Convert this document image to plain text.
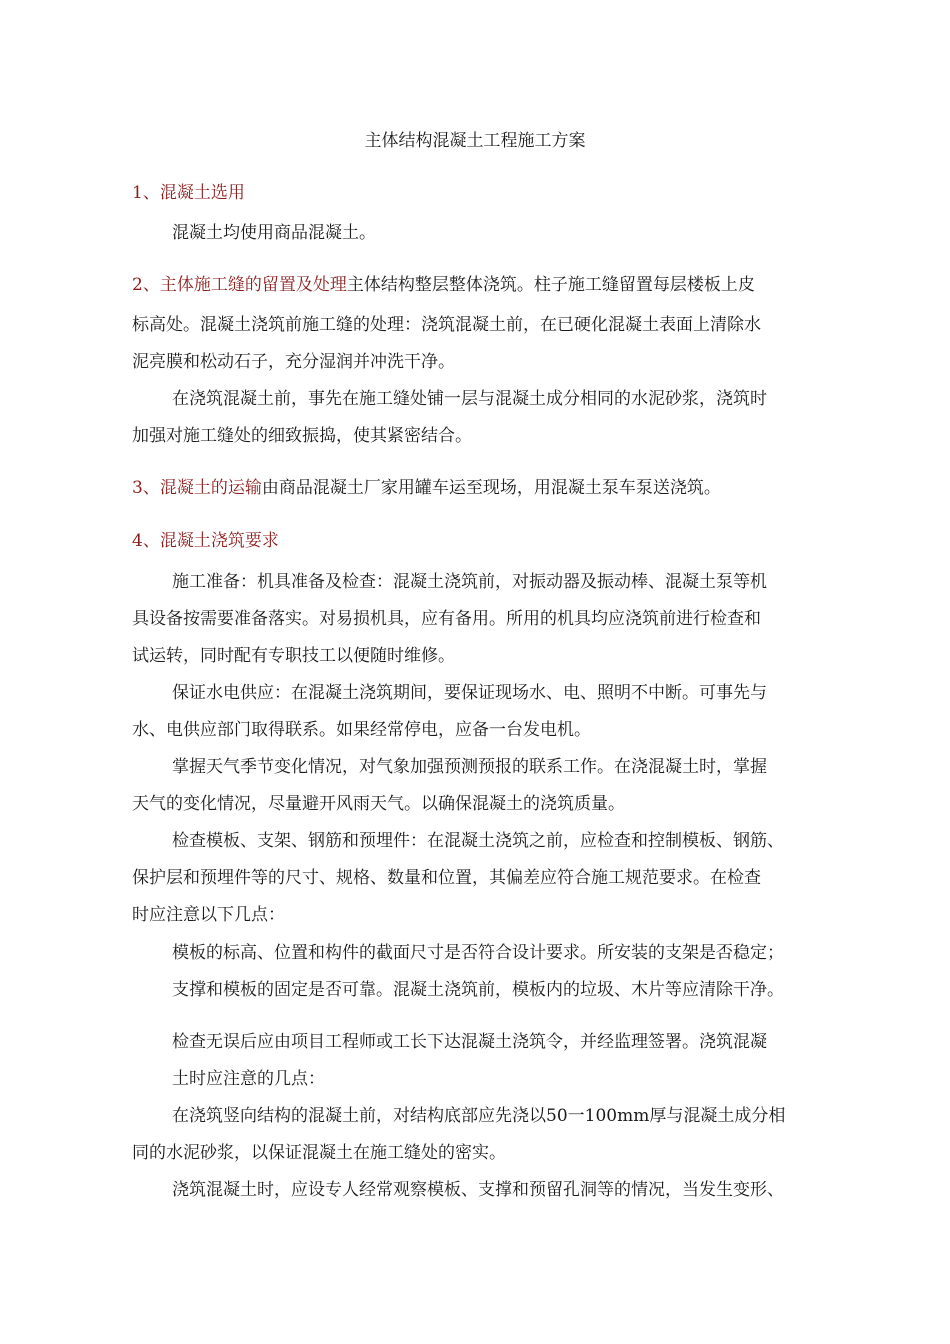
主体结构混凝土工程施工方案
1、混凝土选用
混凝土均使用商品混凝土。
2、主体施工缝的留置及处理主体结构整层整体浇筑。柱子施工缝留置每层楼板上皮
标高处。混凝土浇筑前施工缝的处理：浇筑混凝土前，在已硬化混凝土表面上清除水
泥亮膜和松动石子，充分湿润并冲洗干净。
在浇筑混凝土前，事先在施工缝处铺一层与混凝土成分相同的水泥砂浆，浇筑时
加强对施工缝处的细致振捣，使其紧密结合。
3、混凝土的运输由商品混凝土厂家用罐车运至现场，用混凝土泵车泵送浇筑。
4、混凝土浇筑要求
施工准备：机具准备及检查：混凝土浇筑前，对振动器及振动棒、混凝土泵等机
具设备按需要准备落实。对易损机具，应有备用。所用的机具均应浇筑前进行检查和
试运转，同时配有专职技工以便随时维修。
保证水电供应：在混凝土浇筑期间，要保证现场水、电、照明不中断。可事先与
水、电供应部门取得联系。如果经常停电，应备一台发电机。
掌握天气季节变化情况，对气象加强预测预报的联系工作。在浇混凝土时，掌握
天气的变化情况，尽量避开风雨天气。以确保混凝土的浇筑质量。
检查模板、支架、钢筋和预埋件：在混凝土浇筑之前，应检查和控制模板、钢筋、
保护层和预埋件等的尺寸、规格、数量和位置，其偏差应符合施工规范要求。在检查
时应注意以下几点：
模板的标高、位置和构件的截面尺寸是否符合设计要求。所安装的支架是否稳定；
支撑和模板的固定是否可靠。混凝土浇筑前，模板内的垃圾、木片等应清除干净。
检查无误后应由项目工程师或工长下达混凝土浇筑令，并经监理签署。浇筑混凝
土时应注意的几点：
在浇筑竖向结构的混凝土前，对结构底部应先浇以50一100mm厚与混凝土成分相
同的水泥砂浆，以保证混凝土在施工缝处的密实。
浇筑混凝土时，应设专人经常观察模板、支撑和预留孔洞等的情况，当发生变形、
